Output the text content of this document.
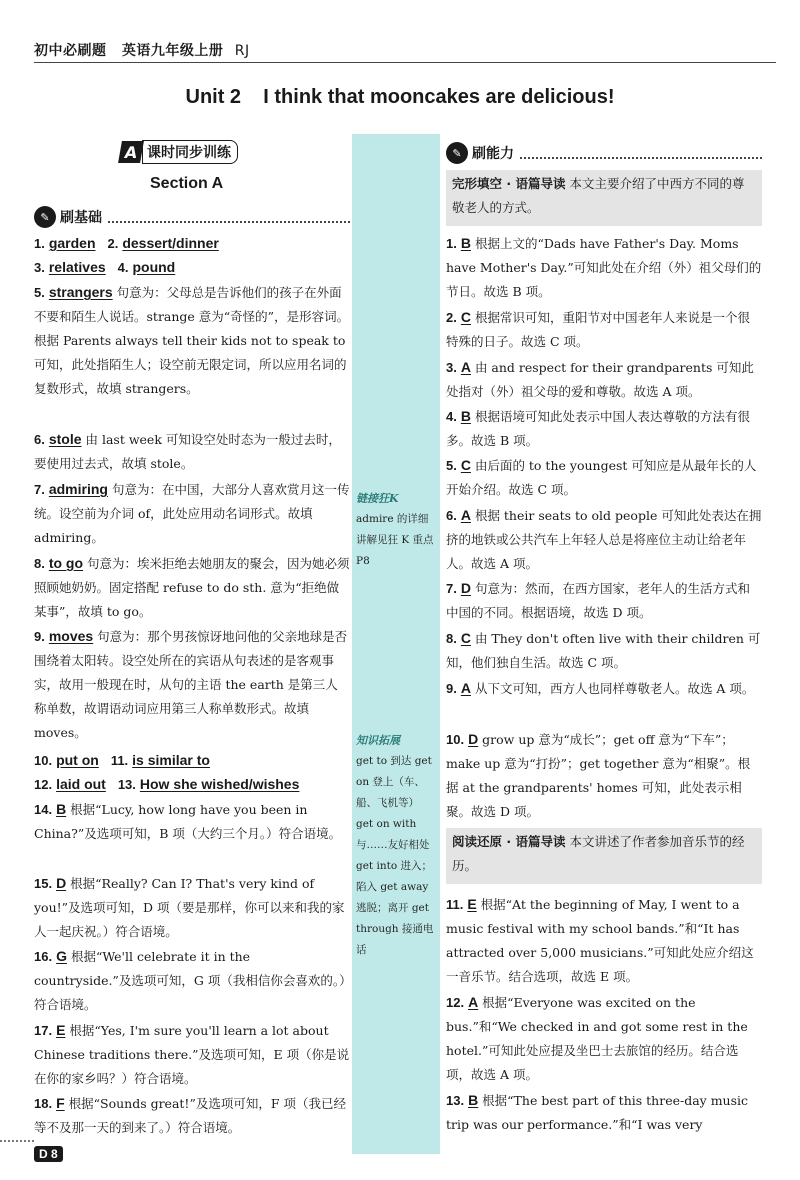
初中必刷题 英语九年级上册 RJ
Unit 2    I think that mooncakes are delicious!
A 课时同步训练
Section A
✎ 刷基础
1. garden 2. dessert/dinner
3. relatives 4. pound
5. strangers 句意为：父母总是告诉他们的孩子在外面不要和陌生人说话。strange 意为“奇怪的”，是形容词。根据 Parents always tell their kids not to speak to 可知，此处指陌生人；设空前无限定词，所以应用名词的复数形式，故填 strangers。
6. stole 由 last week 可知设空处时态为一般过去时，要使用过去式，故填 stole。
7. admiring 句意为：在中国，大部分人喜欢赏月这一传统。设空前为介词 of，此处应用动名词形式。故填 admiring。
8. to go 句意为：埃米拒绝去她朋友的聚会，因为她必须照顾她奶奶。固定搭配 refuse to do sth. 意为“拒绝做某事”，故填 to go。
9. moves 句意为：那个男孩惊讶地问他的父亲地球是否围绕着太阳转。设空处所在的宾语从句表述的是客观事实，故用一般现在时，从句的主语 the earth 是第三人称单数，故谓语动词应用第三人称单数形式。故填 moves。
10. put on 11. is similar to
12. laid out 13. How she wished/wishes
14. B 根据“Lucy, how long have you been in China?”及选项可知，B 项（大约三个月。）符合语境。
15. D 根据“Really? Can I? That's very kind of you!”及选项可知，D 项（要是那样，你可以来和我的家人一起庆祝。）符合语境。
16. G 根据“We'll celebrate it in the countryside.”及选项可知，G 项（我相信你会喜欢的。）符合语境。
17. E 根据“Yes, I'm sure you'll learn a lot about Chinese traditions there.”及选项可知，E 项（你是说在你的家乡吗？）符合语境。
18. F 根据“Sounds great!”及选项可知，F 项（我已经等不及那一天的到来了。）符合语境。
链接狂K
admire 的详细讲解见狂 K 重点 P8
知识拓展
get to 到达 get on 登上（车、船、飞机等） get on with 与……友好相处 get into 进入；陷入 get away 逃脱；离开 get through 接通电话
✎ 刷能力
完形填空 · 语篇导读 本文主要介绍了中西方不同的尊敬老人的方式。
1. B 根据上文的“Dads have Father's Day. Moms have Mother's Day.”可知此处在介绍（外）祖父母们的节日。故选 B 项。
2. C 根据常识可知，重阳节对中国老年人来说是一个很特殊的日子。故选 C 项。
3. A 由 and respect for their grandparents 可知此处指对（外）祖父母的爱和尊敬。故选 A 项。
4. B 根据语境可知此处表示中国人表达尊敬的方法有很多。故选 B 项。
5. C 由后面的 to the youngest 可知应是从最年长的人开始介绍。故选 C 项。
6. A 根据 their seats to old people 可知此处表达在拥挤的地铁或公共汽车上年轻人总是将座位主动让给老年人。故选 A 项。
7. D 句意为：然而，在西方国家，老年人的生活方式和中国的不同。根据语境，故选 D 项。
8. C 由 They don't often live with their children 可知，他们独自生活。故选 C 项。
9. A 从下文可知，西方人也同样尊敬老人。故选 A 项。
10. D grow up 意为“成长”；get off 意为“下车”；make up 意为“打扮”；get together 意为“相聚”。根据 at the grandparents' homes 可知，此处表示相聚。故选 D 项。
阅读还原 · 语篇导读 本文讲述了作者参加音乐节的经历。
11. E 根据“At the beginning of May, I went to a music festival with my school bands.”和“It has attracted over 5,000 musicians.”可知此处应介绍这一音乐节。结合选项，故选 E 项。
12. A 根据“Everyone was excited on the bus.”和“We checked in and got some rest in the hotel.”可知此处应提及坐巴士去旅馆的经历。结合选项，故选 A 项。
13. B 根据“The best part of this three-day music trip was our performance.”和“I was very
D 8
